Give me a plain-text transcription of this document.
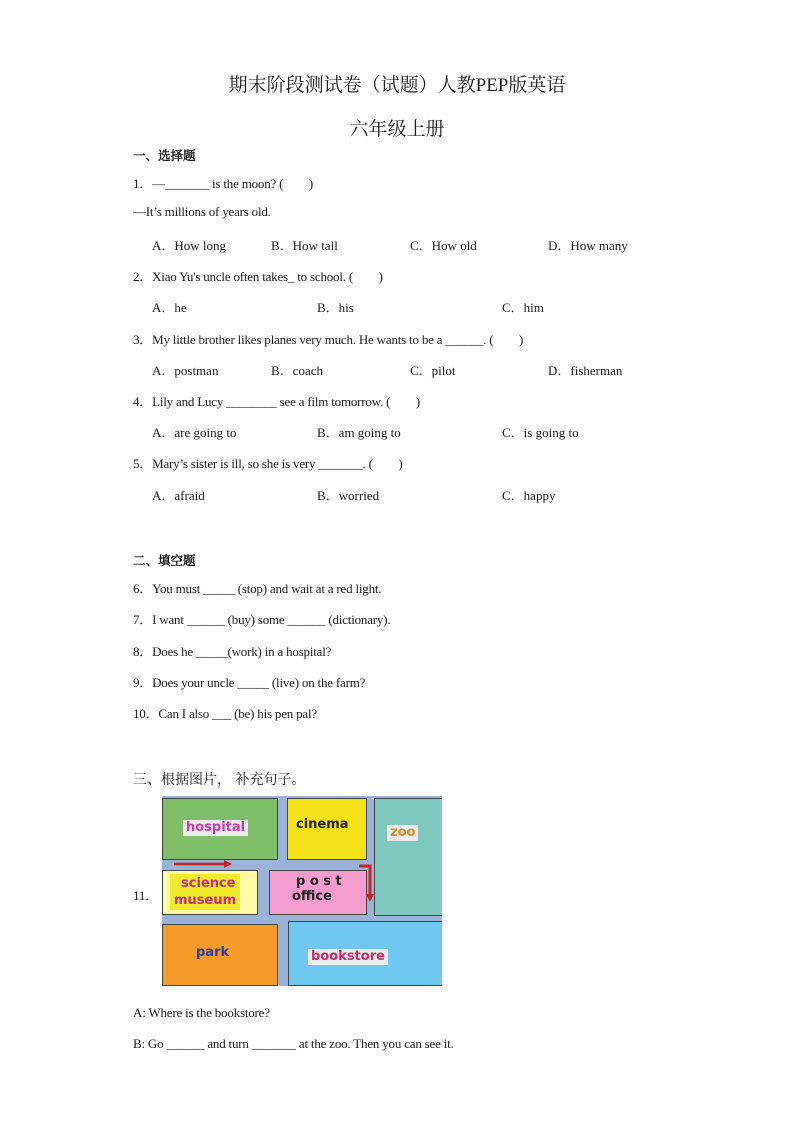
期末阶段测试卷（试题）人教PEP版英语
六年级上册
一、选择题
1．—_______ is the moon? (　　)
—It’s millions of years old.
A．How long	B．How tall	C．How old	D．How many
2．Xiao Yu's uncle often takes_ to school. (　　)
A．he	B．his	C．him
3．My little brother likes planes very much. He wants to be a ______. (　　)
A．postman	B．coach	C．pilot	D．fisherman
4．Lily and Lucy ________ see a film tomorrow. (　　)
A．are going to	B．am going to	C．is going to
5．Mary’s sister is ill, so she is very _______. (　　)
A．afraid	B．worried	C．happy
二、填空题
6．You must _____ (stop) and wait at a red light.
7．I want ______ (buy) some ______ (dictionary).
8．Does he _____(work) in a hospital?
9．Does your uncle _____ (live) on the farm?
10．Can I also ___ (be) his pen pal?
三、根据图片， 补充句子。
11．
hospital	cinema
zoo
science
museum
p o s t
office
park	bookstore
A: Where is the bookstore?
B: Go ______ and turn _______ at the zoo. Then you can see it.
